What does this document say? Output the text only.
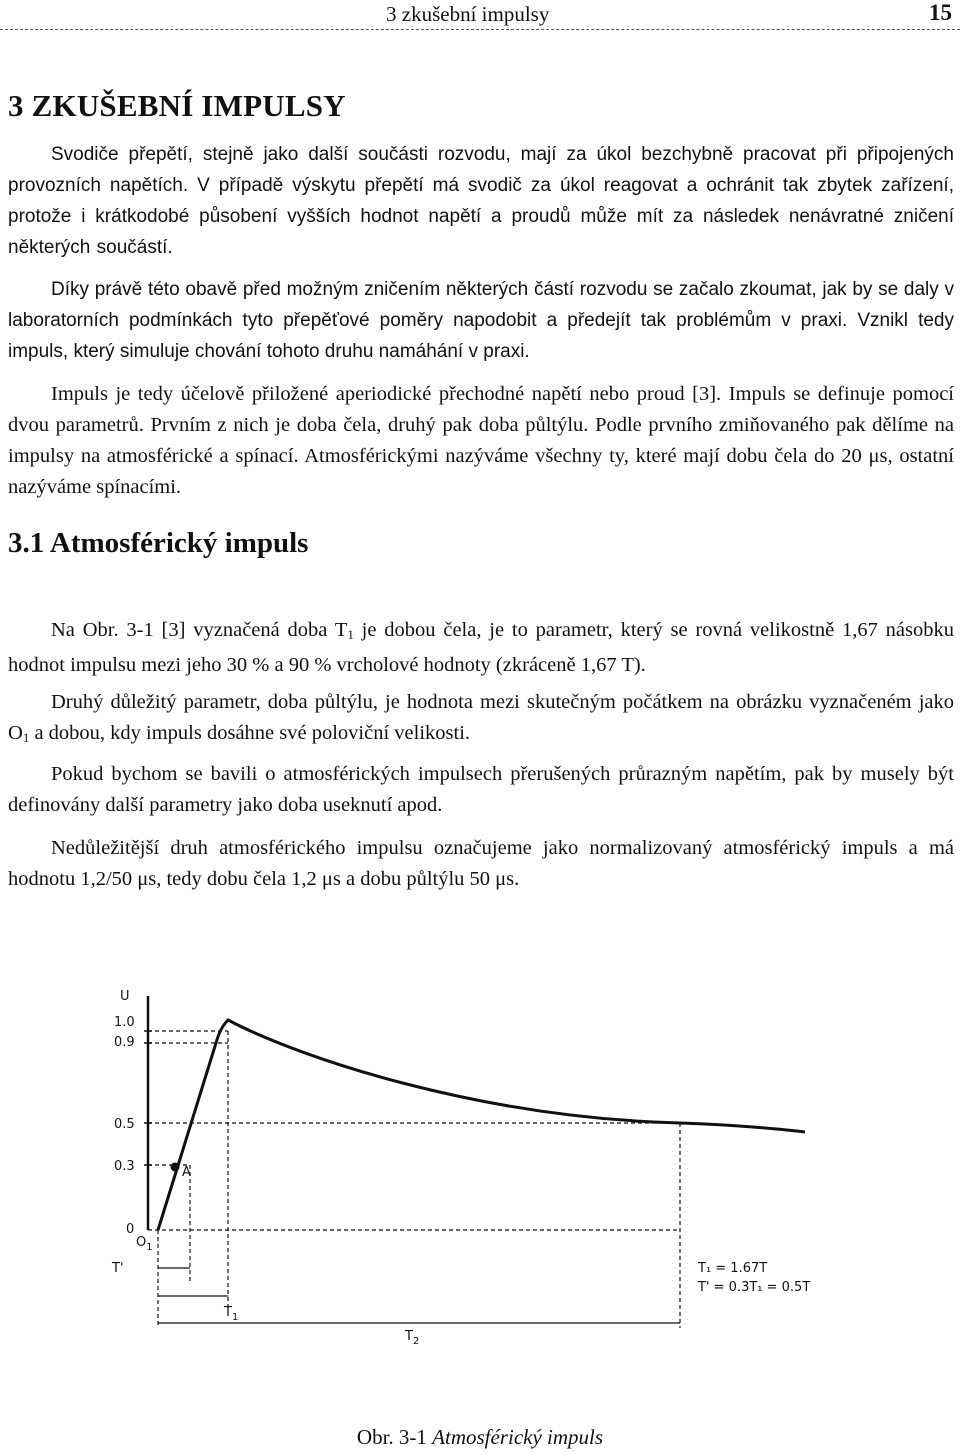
3 zkušební impulsy	15
3 ZKUŠEBNÍ IMPULSY

Svodiče přepětí, stejně jako další součásti rozvodu, mají za úkol bezchybně pracovat při připojených provozních napětích. V případě výskytu přepětí má svodič za úkol reagovat a ochránit tak zbytek zařízení, protože i krátkodobé působení vyšších hodnot napětí a proudů může mít za následek nenávratné zničení některých součástí.

Díky právě této obavě před možným zničením některých částí rozvodu se začalo zkoumat, jak by se daly v laboratorních podmínkách tyto přepěťové poměry napodobit a předejít tak problémům v praxi. Vznikl tedy impuls, který simuluje chování tohoto druhu namáhání v praxi.

Impuls je tedy účelově přiložené aperiodické přechodné napětí nebo proud [3]. Impuls se definuje pomocí dvou parametrů. Prvním z nich je doba čela, druhý pak doba půltýlu. Podle prvního zmiňovaného pak dělíme na impulsy na atmosférické a spínací. Atmosférickými nazýváme všechny ty, které mají dobu čela do 20 μs, ostatní nazýváme spínacími.

3.1 Atmosférický impuls

Na Obr. 3-1 [3] vyznačená doba $T_1$ je dobou čela, je to parametr, který se rovná velikostně 1,67 násobku hodnot impulsu mezi jeho 30 % a 90 % vrcholové hodnoty (zkráceně 1,67 T).

Druhý důležitý parametr, doba půltýlu, je hodnota mezi skutečným počátkem na obrázku vyznačeném jako $O_1$ a dobou, kdy impuls dosáhne své poloviční velikosti.

Pokud bychom se bavili o atmosférických impulsech přerušených průrazným napětím, pak by musely být definovány další parametry jako doba useknutí apod.

Nedůležitější druh atmosférického impulsu označujeme jako normalizovaný atmosférický impuls a má hodnotu 1,2/50 μs, tedy dobu čela 1,2 μs a dobu půltýlu 50 μs.

U
1.0
0.9
0.5
0.3
0
A
$O_1$
T'
$T_1$
$T_2$
T₁ = 1.67T
T' = 0.3T₁ = 0.5T
Obr. 3-1 Atmosférický impuls
